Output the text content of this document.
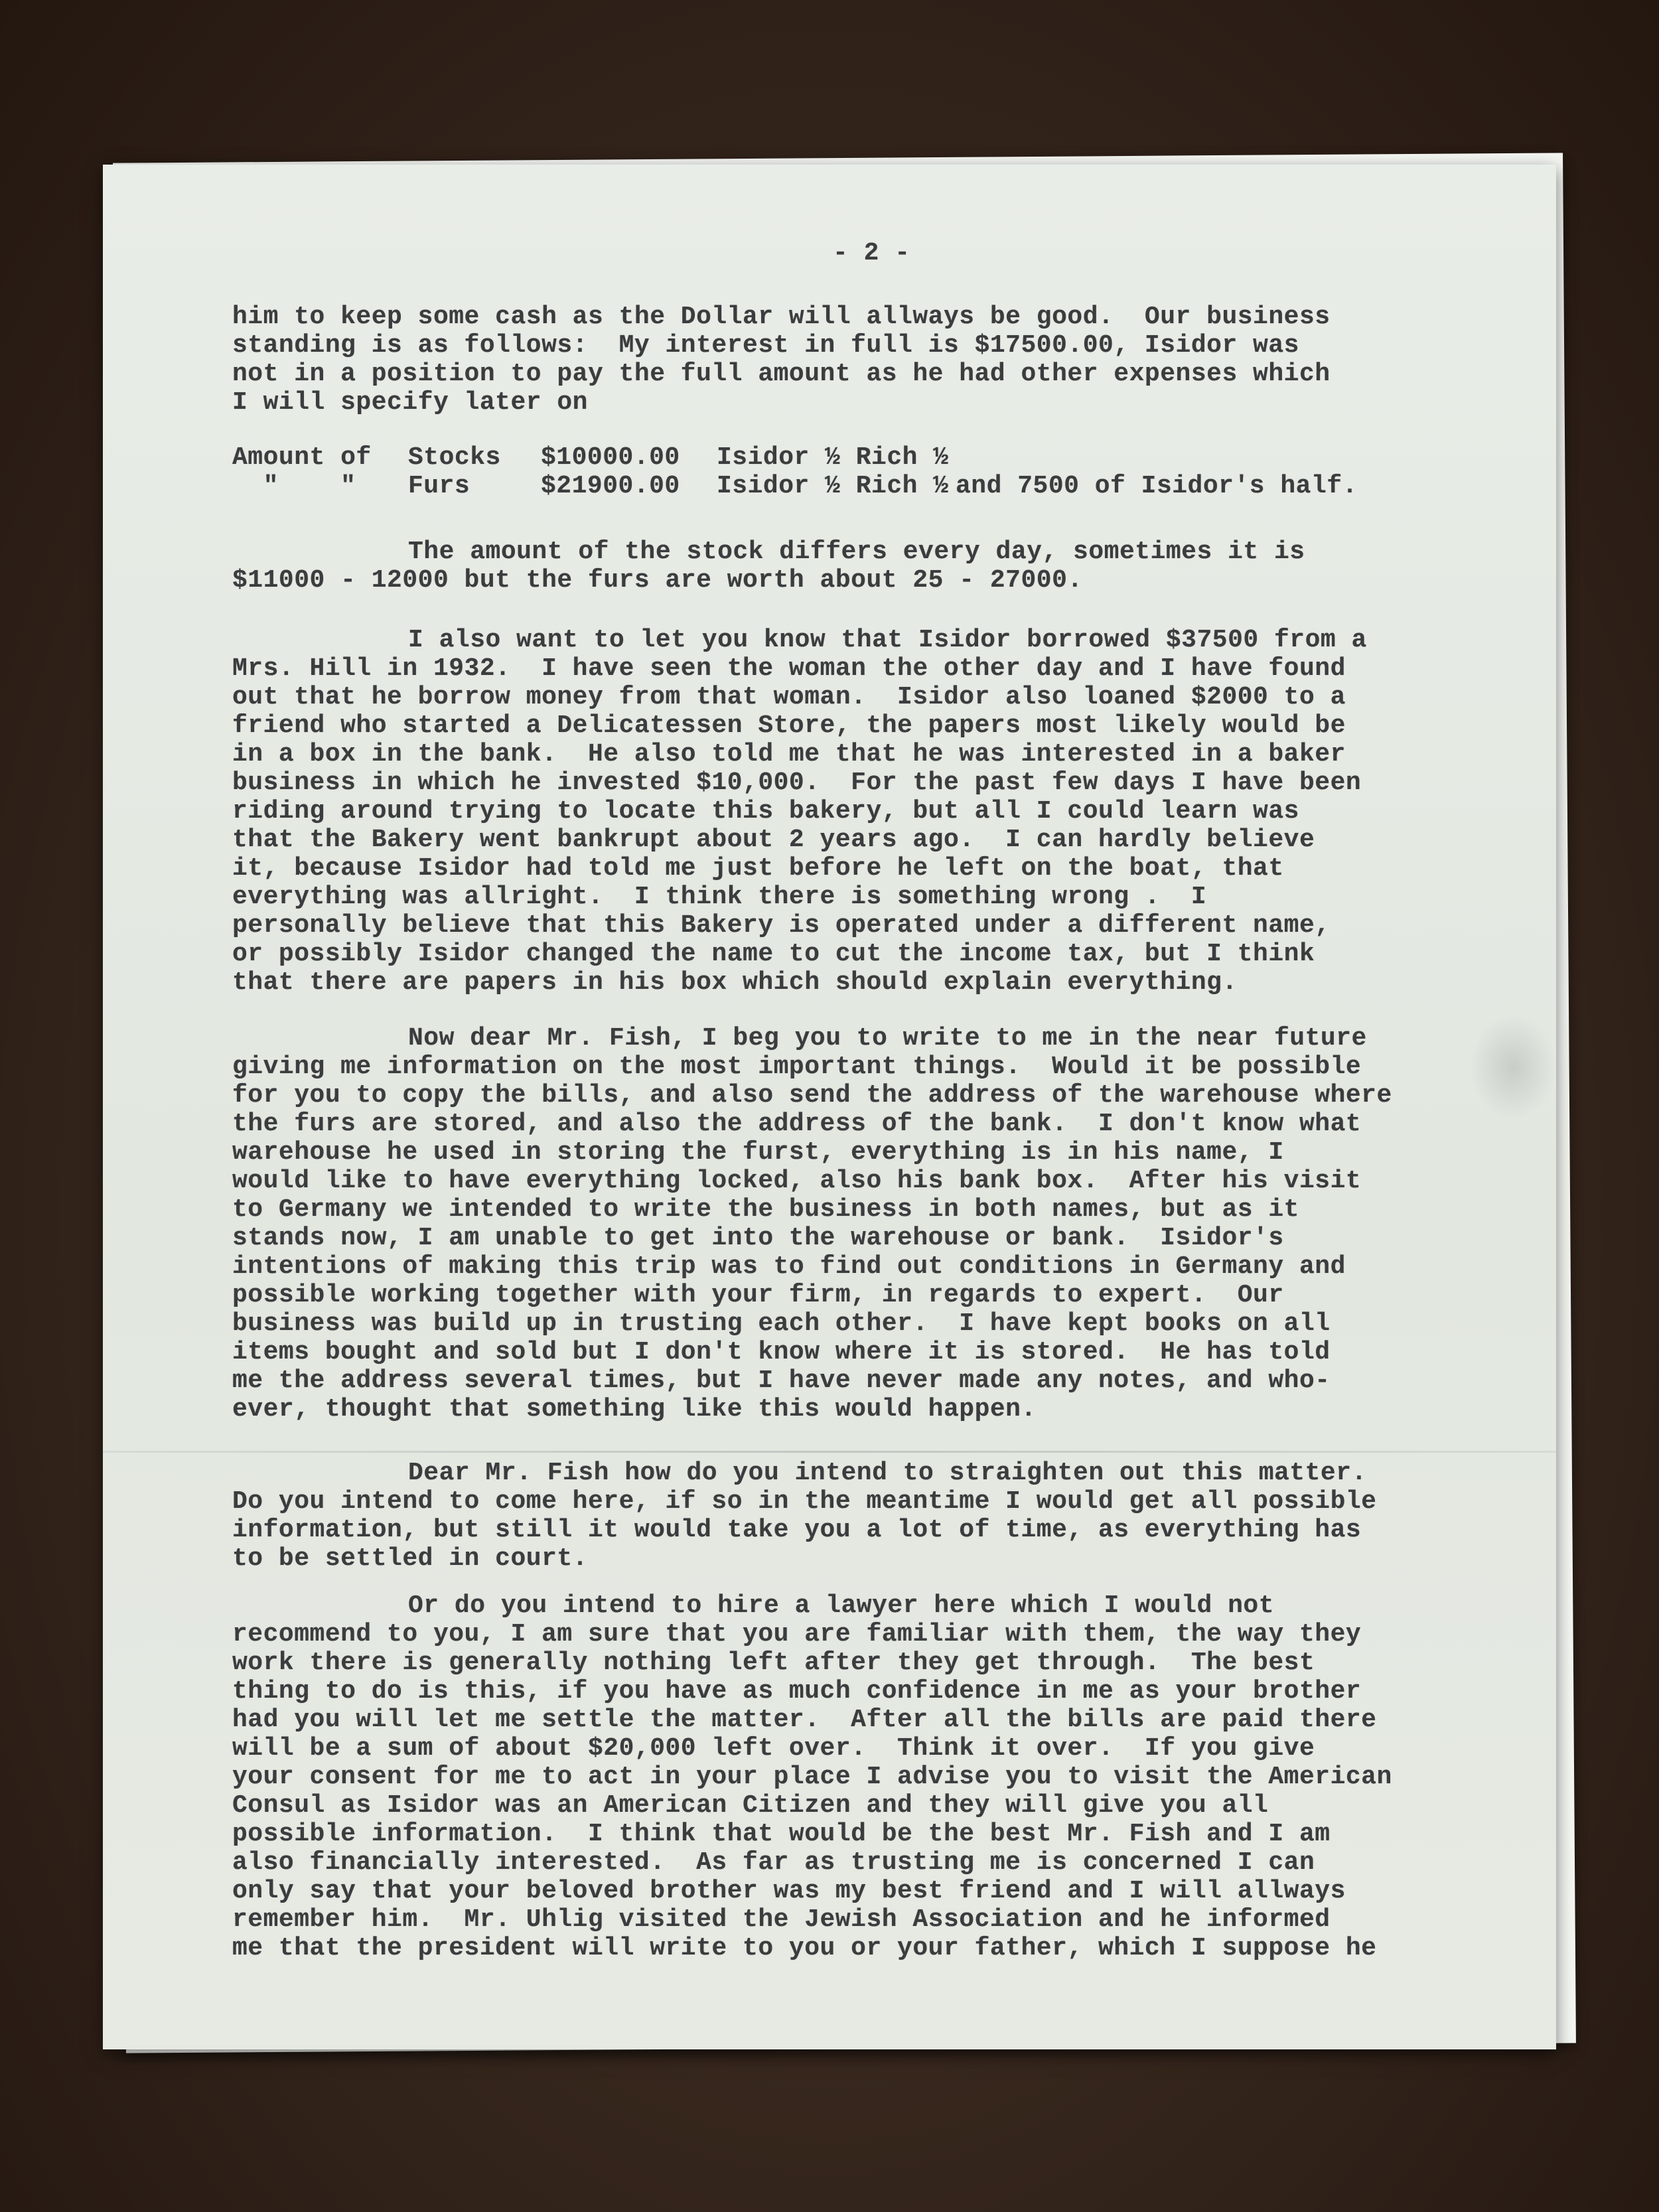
- 2 -
him to keep some cash as the Dollar will allways be good.  Our business
standing is as follows:  My interest in full is $17500.00, Isidor was
not in a position to pay the full amount as he had other expenses which
I will specify later on

Amount of

Stocks

$10000.00

Isidor ½ Rich ½

"    "

Furs

	$21900.00

Isidor ½ Rich ½

and 7500 of Isidor's half.

The amount of the stock differs every day, sometimes it is
$11000 - 12000 but the furs are worth about 25 - 27000.
I also want to let you know that Isidor borrowed $37500 from a
Mrs. Hill in 1932.  I have seen the woman the other day and I have found
out that he borrow money from that woman.  Isidor also loaned $2000 to a
friend who started a Delicatessen Store, the papers most likely would be
in a box in the bank.  He also told me that he was interested in a baker
business in which he invested $10,000.  For the past few days I have been
riding around trying to locate this bakery, but all I could learn was
that the Bakery went bankrupt about 2 years ago.  I can hardly believe
it, because Isidor had told me just before he left on the boat, that
everything was allright.  I think there is something wrong .  I
personally believe that this Bakery is operated under a different name,
or possibly Isidor changed the name to cut the income tax, but I think
that there are papers in his box which should explain everything.
Now dear Mr. Fish, I beg you to write to me in the near future
giving me information on the most important things.  Would it be possible
for you to copy the bills, and also send the address of the warehouse where
the furs are stored, and also the address of the bank.  I don't know what
warehouse he used in storing the furst, everything is in his name, I
would like to have everything locked, also his bank box.  After his visit
to Germany we intended to write the business in both names, but as it
stands now, I am unable to get into the warehouse or bank.  Isidor's
intentions of making this trip was to find out conditions in Germany and
possible working together with your firm, in regards to expert.  Our
business was build up in trusting each other.  I have kept books on all
items bought and sold but I don't know where it is stored.  He has told
me the address several times, but I have never made any notes, and who-
ever, thought that something like this would happen.
Dear Mr. Fish how do you intend to straighten out this matter.
Do you intend to come here, if so in the meantime I would get all possible
information, but still it would take you a lot of time, as everything has
to be settled in court.
Or do you intend to hire a lawyer here which I would not
recommend to you, I am sure that you are familiar with them, the way they
work there is generally nothing left after they get through.  The best
thing to do is this, if you have as much confidence in me as your brother
had you will let me settle the matter.  After all the bills are paid there
will be a sum of about $20,000 left over.  Think it over.  If you give
your consent for me to act in your place I advise you to visit the American
Consul as Isidor was an American Citizen and they will give you all
possible information.  I think that would be the best Mr. Fish and I am
also financially interested.  As far as trusting me is concerned I can
only say that your beloved brother was my best friend and I will allways
remember him.  Mr. Uhlig visited the Jewish Association and he informed
me that the president will write to you or your father, which I suppose he
